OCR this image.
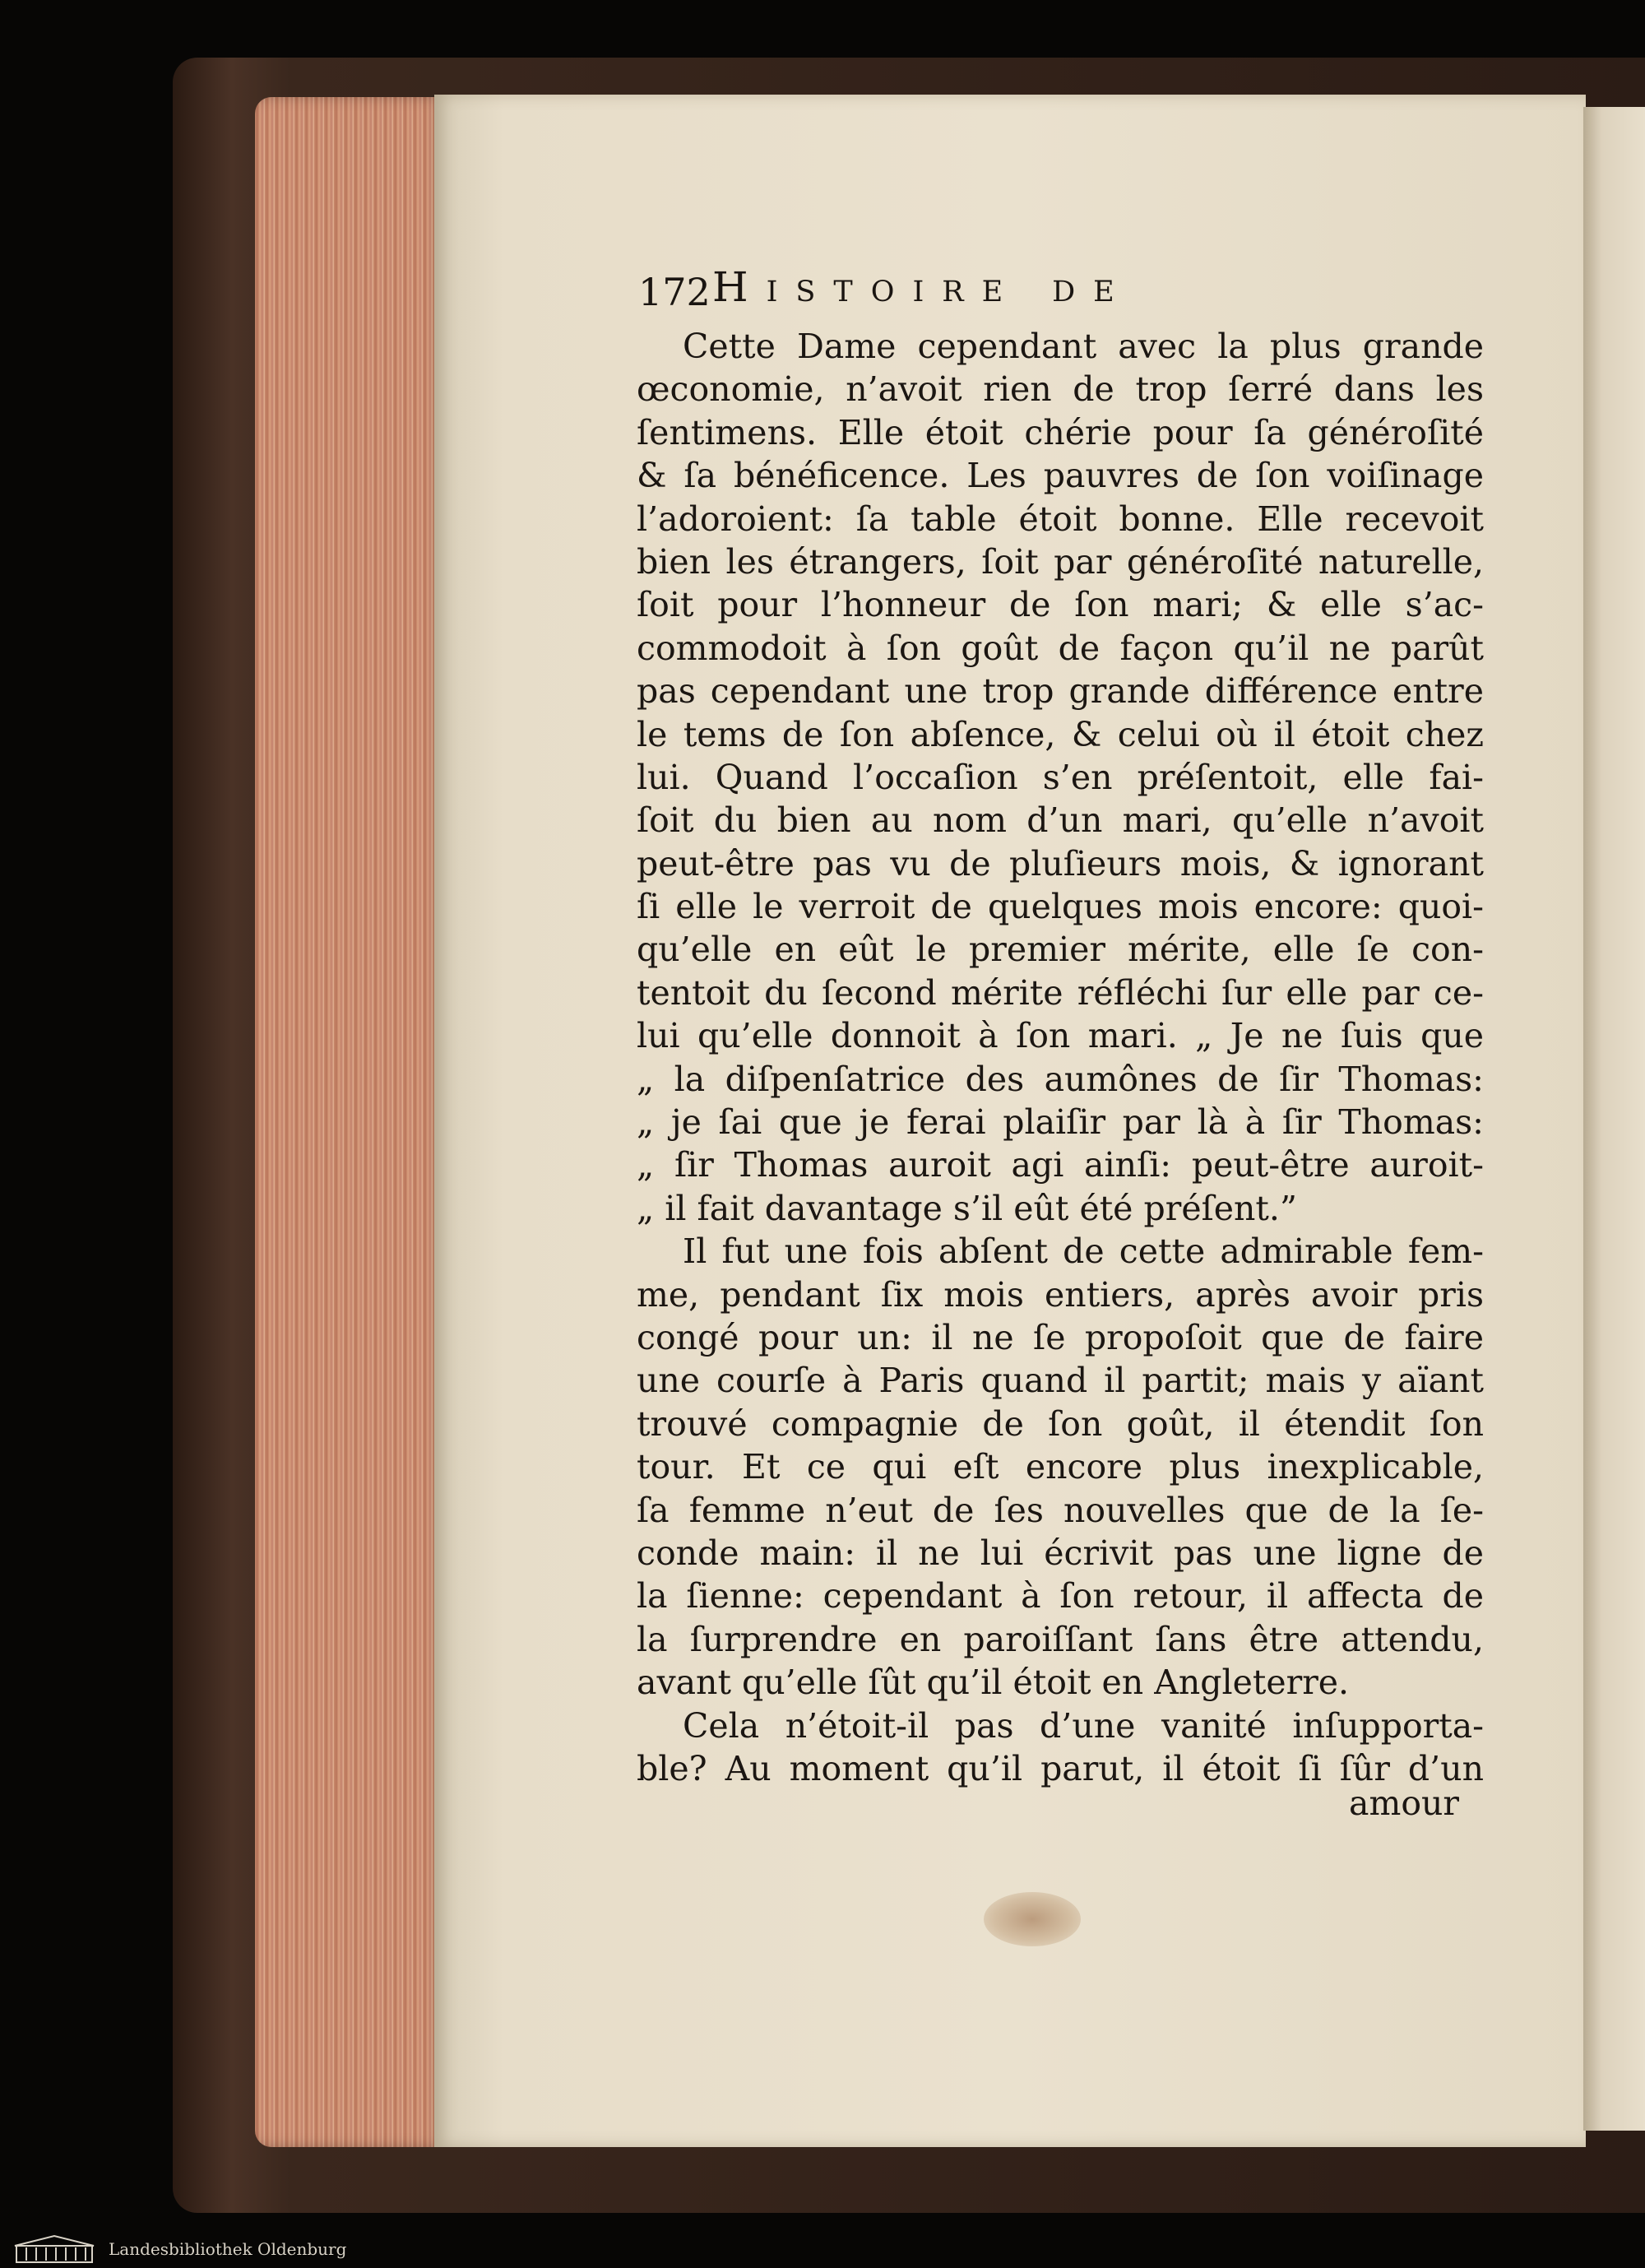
172 Histoire de
Cette Dame cependant avec la plus grande
œconomie, n’avoit rien de trop ſerré dans les
ſentimens. Elle étoit chérie pour ſa généroſité
& ſa bénéficence. Les pauvres de ſon voiſinage
l’adoroient: ſa table étoit bonne. Elle recevoit
bien les étrangers, ſoit par généroſité naturelle,
ſoit pour l’honneur de ſon mari; & elle s’ac-
commodoit à ſon goût de façon qu’il ne parût
pas cependant une trop grande différence entre
le tems de ſon abſence, & celui où il étoit chez
lui. Quand l’occaſion s’en préſentoit, elle fai-
ſoit du bien au nom d’un mari, qu’elle n’avoit
peut-être pas vu de pluſieurs mois, & ignorant
ſi elle le verroit de quelques mois encore: quoi-
qu’elle en eût le premier mérite, elle ſe con-
tentoit du ſecond mérite réfléchi ſur elle par ce-
lui qu’elle donnoit à ſon mari. „ Je ne ſuis que
„ la diſpenſatrice des aumônes de ſir Thomas:
„ je ſai que je ferai plaiſir par là à ſir Thomas:
„ ſir Thomas auroit agi ainſi: peut-être auroit-
„ il fait davantage s’il eût été préſent.”
Il fut une fois abſent de cette admirable fem-
me, pendant ſix mois entiers, après avoir pris
congé pour un: il ne ſe propoſoit que de faire
une courſe à Paris quand il partit; mais y aïant
trouvé compagnie de ſon goût, il étendit ſon
tour. Et ce qui eſt encore plus inexplicable,
ſa femme n’eut de ſes nouvelles que de la ſe-
conde main: il ne lui écrivit pas une ligne de
la ſienne: cependant à ſon retour, il affecta de
la ſurprendre en paroiſſant ſans être attendu,
avant qu’elle ſût qu’il étoit en Angleterre.
Cela n’étoit-il pas d’une vanité inſupporta-
ble? Au moment qu’il parut, il étoit ſi ſûr d’un
amour
Landesbibliothek Oldenburg
